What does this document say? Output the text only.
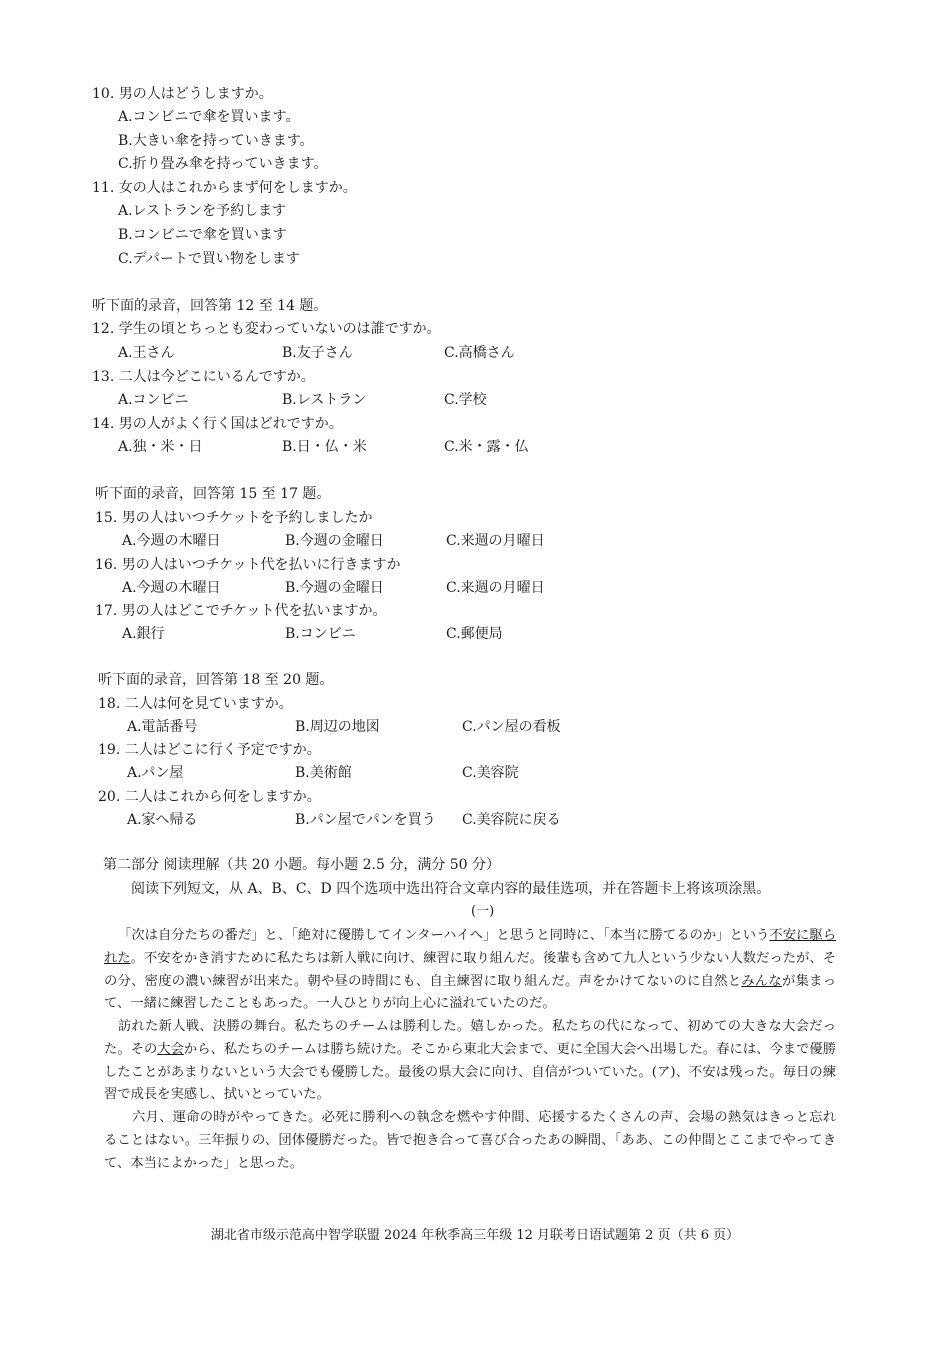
10. 男の人はどうしますか。
A.コンビニで傘を買います。
B.大きい傘を持っていきます。
C.折り畳み傘を持っていきます。
11. 女の人はこれからまず何をしますか。
A.レストランを予約します
B.コンビニで傘を買います
C.デパートで買い物をします
听下面的录音，回答第 12 至 14 题。
12. 学生の頃とちっとも変わっていないのは誰ですか。
A.王さん	B.友子さん	C.高橋さん
13. 二人は今どこにいるんですか。
A.コンビニ	B.レストラン	C.学校
14. 男の人がよく行く国はどれですか。
A.独・米・日	B.日・仏・米	C.米・露・仏
听下面的录音，回答第 15 至 17 题。
15. 男の人はいつチケットを予約しましたか
A.今週の木曜日	B.今週の金曜日	C.来週の月曜日
16. 男の人はいつチケット代を払いに行きますか
A.今週の木曜日	B.今週の金曜日	C.来週の月曜日
17. 男の人はどこでチケット代を払いますか。
A.銀行	B.コンビニ	C.郵便局
听下面的录音，回答第 18 至 20 题。
18. 二人は何を見ていますか。
A.電話番号	B.周辺の地図	C.パン屋の看板
19. 二人はどこに行く予定ですか。
A.パン屋	B.美術館	C.美容院
20. 二人はこれから何をしますか。
A.家へ帰る	B.パン屋でパンを買う C.美容院に戻る
第二部分 阅读理解（共 20 小题。每小题 2.5 分，满分 50 分）
阅读下列短文，从 A、B、C、D 四个选项中选出符合文章内容的最佳选项，并在答题卡上将该项涂黑。
(一)
「次は自分たちの番だ」と、「絶対に優勝してインターハイへ」と思うと同時に、「本当に勝てるのか」という不安に駆られた。不安をかき消すために私たちは新人戦に向け、練習に取り組んだ。後輩も含めて九人という少ない人数だったが、その分、密度の濃い練習が出来た。朝や昼の時間にも、自主練習に取り組んだ。声をかけてないのに自然とみんなが集まって、一緒に練習したこともあった。一人ひとりが向上心に溢れていたのだ。
訪れた新人戦、決勝の舞台。私たちのチームは勝利した。嬉しかった。私たちの代になって、初めての大きな大会だった。その大会から、私たちのチームは勝ち続けた。そこから東北大会まで、更に全国大会へ出場した。春には、今まで優勝したことがあまりないという大会でも優勝した。最後の県大会に向け、自信がついていた。(ア)、不安は残った。毎日の練習で成長を実感し、拭いとっていた。
六月、運命の時がやってきた。必死に勝利への執念を燃やす仲間、応援するたくさんの声、会場の熱気はきっと忘れることはない。三年振りの、団体優勝だった。皆で抱き合って喜び合ったあの瞬間、「ああ、この仲間とここまでやってきて、本当によかった」と思った。
湖北省市级示范高中智学联盟 2024 年秋季高三年级 12 月联考日语试题第 2 页（共 6 页）
